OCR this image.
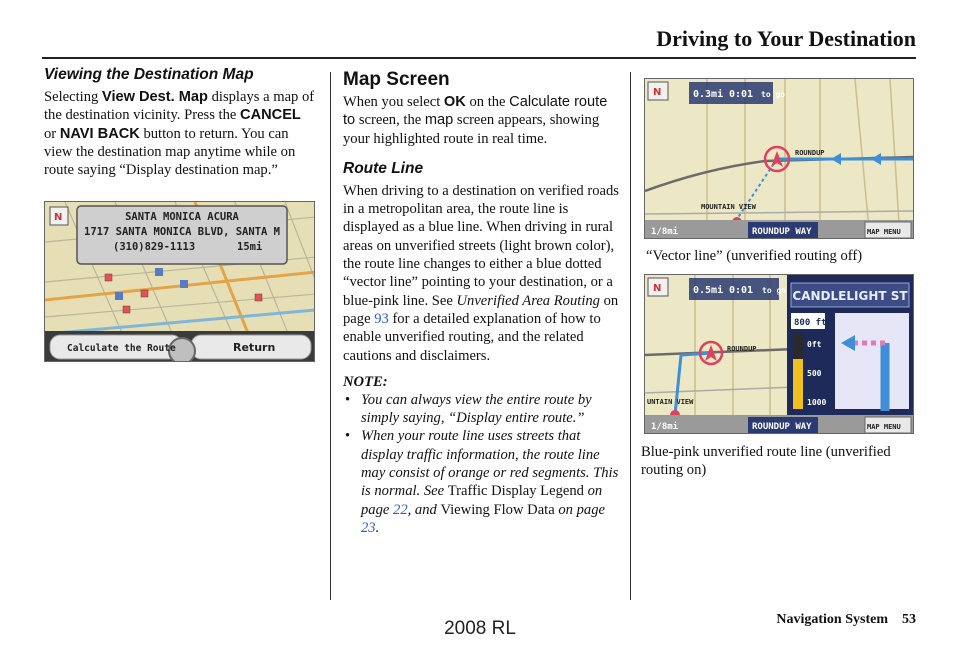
Driving to Your Destination
Viewing the Destination Map

Selecting View Dest. Map displays a map of the destination vicinity. Press the CANCEL or NAVI BACK button to return. You can view the destination map anytime while on route saying “Display destination map.”

N	SANTA MONICA ACURA
1717 SANTA MONICA BLVD, SANTA M
(310)829-1113	15mi
Calculate the Route	Return
Map Screen

When you select OK on the Calculate route to screen, the map screen appears, showing your highlighted route in real time.

Route Line

When driving to a destination on verified roads in a metropolitan area, the route line is displayed as a blue line. When driving in rural areas on unverified streets (light brown color), the route line changes to either a blue dotted “vector line” pointing to your destination, or a blue-pink line. See Unverified Area Routing on page 93 for a detailed explanation of how to enable unverified routing, and the related cautions and disclaimers.

NOTE:
• You can always view the entire route by simply saying, “Display entire route.”
• When your route line uses streets that display traffic information, the route line may consist of orange or red segments. This is normal. See Traffic Display Legend on page 22, and Viewing Flow Data on page 23.
N	0.3mi 0:01 to go
ROUNDUP
MOUNTAIN VIEW
1/8mi	ROUNDUP WAY	MAP MENU
“Vector line” (unverified routing off)
N	0.5mi 0:01 to go
ROUNDUP
UNTAIN VIEW
CANDLELIGHT ST
800 ft
0ft
500
1000
1/8mi	ROUNDUP WAY	MAP MENU
Blue-pink unverified route line (unverified routing on)
Navigation System 53
2008 RL
